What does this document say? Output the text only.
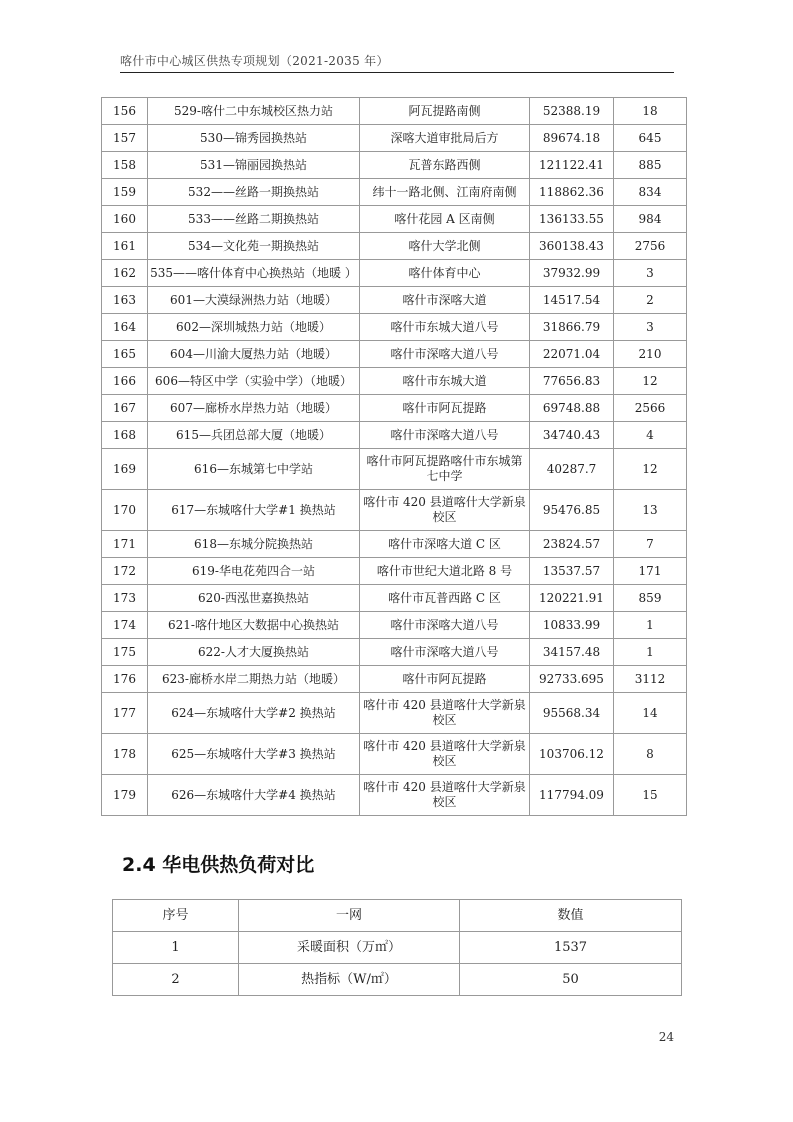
喀什市中心城区供热专项规划（2021-2035 年）
156	529-喀什二中东城校区热力站	阿瓦提路南侧	52388.19	18
157	530—锦秀园换热站	深喀大道审批局后方	89674.18	645
158	531—锦丽园换热站	瓦普东路西侧	121122.41	885
159	532——丝路一期换热站	纬十一路北侧、江南府南侧	118862.36	834
160	533——丝路二期换热站	喀什花园 A 区南侧	136133.55	984
161	534—文化苑一期换热站	喀什大学北侧	360138.43	2756
162	535——喀什体育中心换热站（地暖 ）	喀什体育中心	37932.99	3
163	601—大漠绿洲热力站（地暖）	喀什市深喀大道	14517.54	2
164	602—深圳城热力站（地暖）	喀什市东城大道八号	31866.79	3
165	604—川渝大厦热力站（地暖）	喀什市深喀大道八号	22071.04	210
166	606—特区中学（实验中学）（地暖）	喀什市东城大道	77656.83	12
167	607—廊桥水岸热力站（地暖）	喀什市阿瓦提路	69748.88	2566
168	615—兵团总部大厦（地暖）	喀什市深喀大道八号	34740.43	4
169	616—东城第七中学站	喀什市阿瓦提路喀什市东城第七中学	40287.7	12
170	617—东城喀什大学#1 换热站	喀什市 420 县道喀什大学新泉校区	95476.85	13
171	618—东城分院换热站	喀什市深喀大道 C 区	23824.57	7
172	619-华电花苑四合一站	喀什市世纪大道北路 8 号	13537.57	171
173	620-西泓世嘉换热站	喀什市瓦普西路 C 区	120221.91	859
174	621-喀什地区大数据中心换热站	喀什市深喀大道八号	10833.99	1
175	622-人才大厦换热站	喀什市深喀大道八号	34157.48	1
176	623-廊桥水岸二期热力站（地暖）	喀什市阿瓦提路	92733.695	3112
177	624—东城喀什大学#2 换热站	喀什市 420 县道喀什大学新泉校区	95568.34	14
178	625—东城喀什大学#3 换热站	喀什市 420 县道喀什大学新泉校区	103706.12	8
179	626—东城喀什大学#4 换热站	喀什市 420 县道喀什大学新泉校区	117794.09	15
2.4 华电供热负荷对比
序号	一网	数值
1	采暖面积（万㎡）	1537
2	热指标（W/㎡）	50
24
